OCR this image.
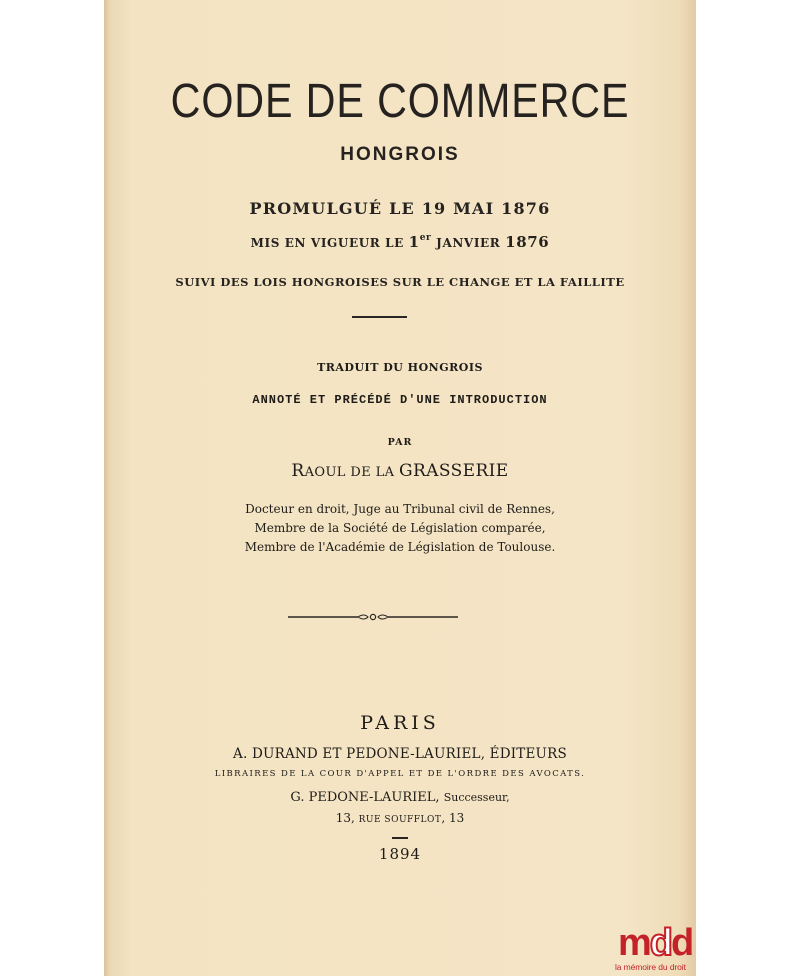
CODE DE COMMERCE
HONGROIS
PROMULGUÉ LE 19 MAI 1876
MIS EN VIGUEUR LE 1er JANVIER 1876
SUIVI DES LOIS HONGROISES SUR LE CHANGE ET LA FAILLITE
TRADUIT DU HONGROIS
ANNOTÉ ET PRÉCÉDÉ D'UNE INTRODUCTION
PAR
RAOUL DE LA GRASSERIE
Docteur en droit, Juge au Tribunal civil de Rennes,
Membre de la Société de Législation comparée,
Membre de l'Académie de Législation de Toulouse.
PARIS
A. DURAND ET PEDONE-LAURIEL, ÉDITEURS
LIBRAIRES DE LA COUR D'APPEL ET DE L'ORDRE DES AVOCATS.
G. PEDONE-LAURIEL, Successeur,
13, RUE SOUFFLOT, 13
1894
mdd
la mémoire du droit
